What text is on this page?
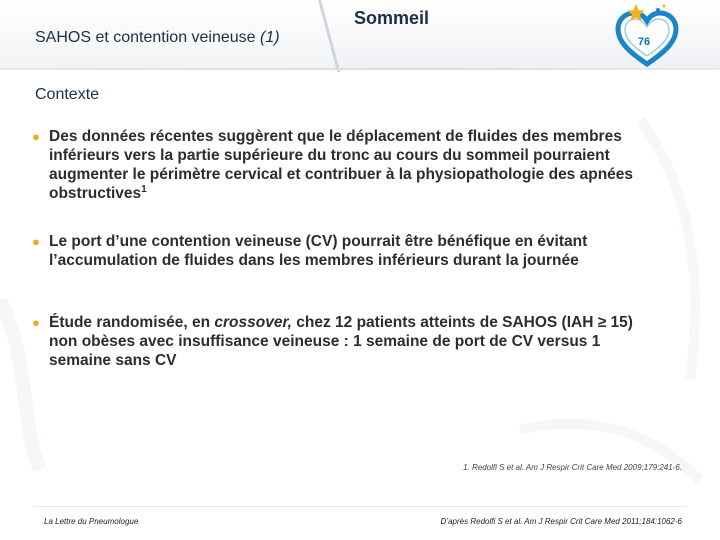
SAHOS et contention veineuse (1)
Sommeil
76
Contexte
● Des données récentes suggèrent que le déplacement de fluides des membres inférieurs vers la partie supérieure du tronc au cours du sommeil pourraient augmenter le périmètre cervical et contribuer à la physiopathologie des apnées obstructives$^1$
● Le port d’une contention veineuse (CV) pourrait être bénéfique en évitant l’accumulation de fluides dans les membres inférieurs durant la journée
● Étude randomisée, en crossover, chez 12 patients atteints de SAHOS (IAH ≥ 15) non obèses avec insuffisance veineuse : 1 semaine de port de CV versus 1 semaine sans CV
1. Redolfi S et al. Am J Respir Crit Care Med 2009;179:241-6.
La Lettre du Pneumologue	D’après Redolfi S et al. Am J Respir Crit Care Med 2011;184:1062-6
